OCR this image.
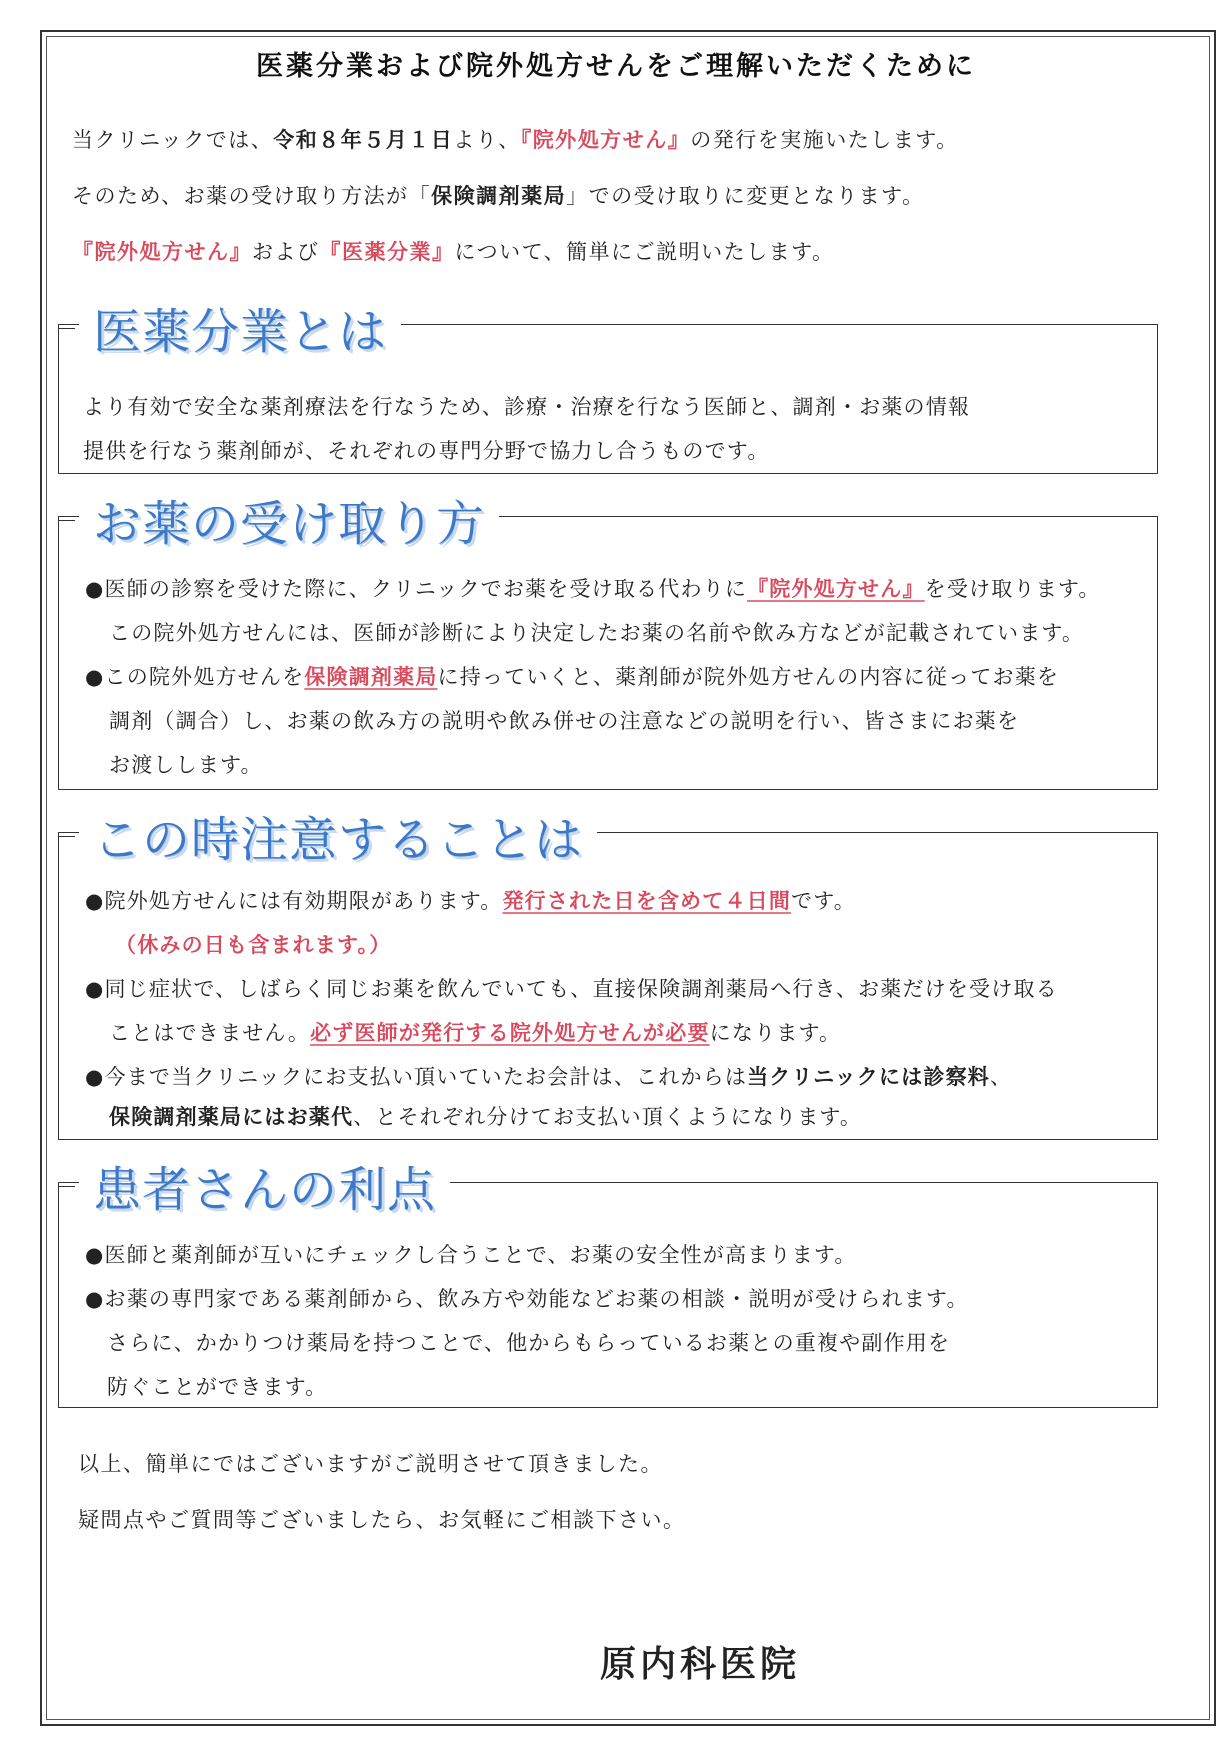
医薬分業および院外処方せんをご理解いただくために
当クリニックでは、令和８年５月１日より、『院外処方せん』の発行を実施いたします。
そのため、お薬の受け取り方法が「保険調剤薬局」での受け取りに変更となります。
『院外処方せん』および『医薬分業』について、簡単にご説明いたします。
医薬分業とは
より有効で安全な薬剤療法を行なうため、診療・治療を行なう医師と、調剤・お薬の情報
提供を行なう薬剤師が、それぞれの専門分野で協力し合うものです。
お薬の受け取り方
●医師の診察を受けた際に、クリニックでお薬を受け取る代わりに『院外処方せん』を受け取ります。
この院外処方せんには、医師が診断により決定したお薬の名前や飲み方などが記載されています。
●この院外処方せんを保険調剤薬局に持っていくと、薬剤師が院外処方せんの内容に従ってお薬を
調剤（調合）し、お薬の飲み方の説明や飲み併せの注意などの説明を行い、皆さまにお薬を
お渡しします。
この時注意することは
●院外処方せんには有効期限があります。発行された日を含めて４日間です。
（休みの日も含まれます。）
●同じ症状で、しばらく同じお薬を飲んでいても、直接保険調剤薬局へ行き、お薬だけを受け取る
ことはできません。必ず医師が発行する院外処方せんが必要になります。
●今まで当クリニックにお支払い頂いていたお会計は、これからは当クリニックには診察料、
保険調剤薬局にはお薬代、とそれぞれ分けてお支払い頂くようになります。
患者さんの利点
●医師と薬剤師が互いにチェックし合うことで、お薬の安全性が高まります。
●お薬の専門家である薬剤師から、飲み方や効能などお薬の相談・説明が受けられます。
さらに、かかりつけ薬局を持つことで、他からもらっているお薬との重複や副作用を
防ぐことができます。
以上、簡単にではございますがご説明させて頂きました。
疑問点やご質問等ございましたら、お気軽にご相談下さい。
原内科医院
